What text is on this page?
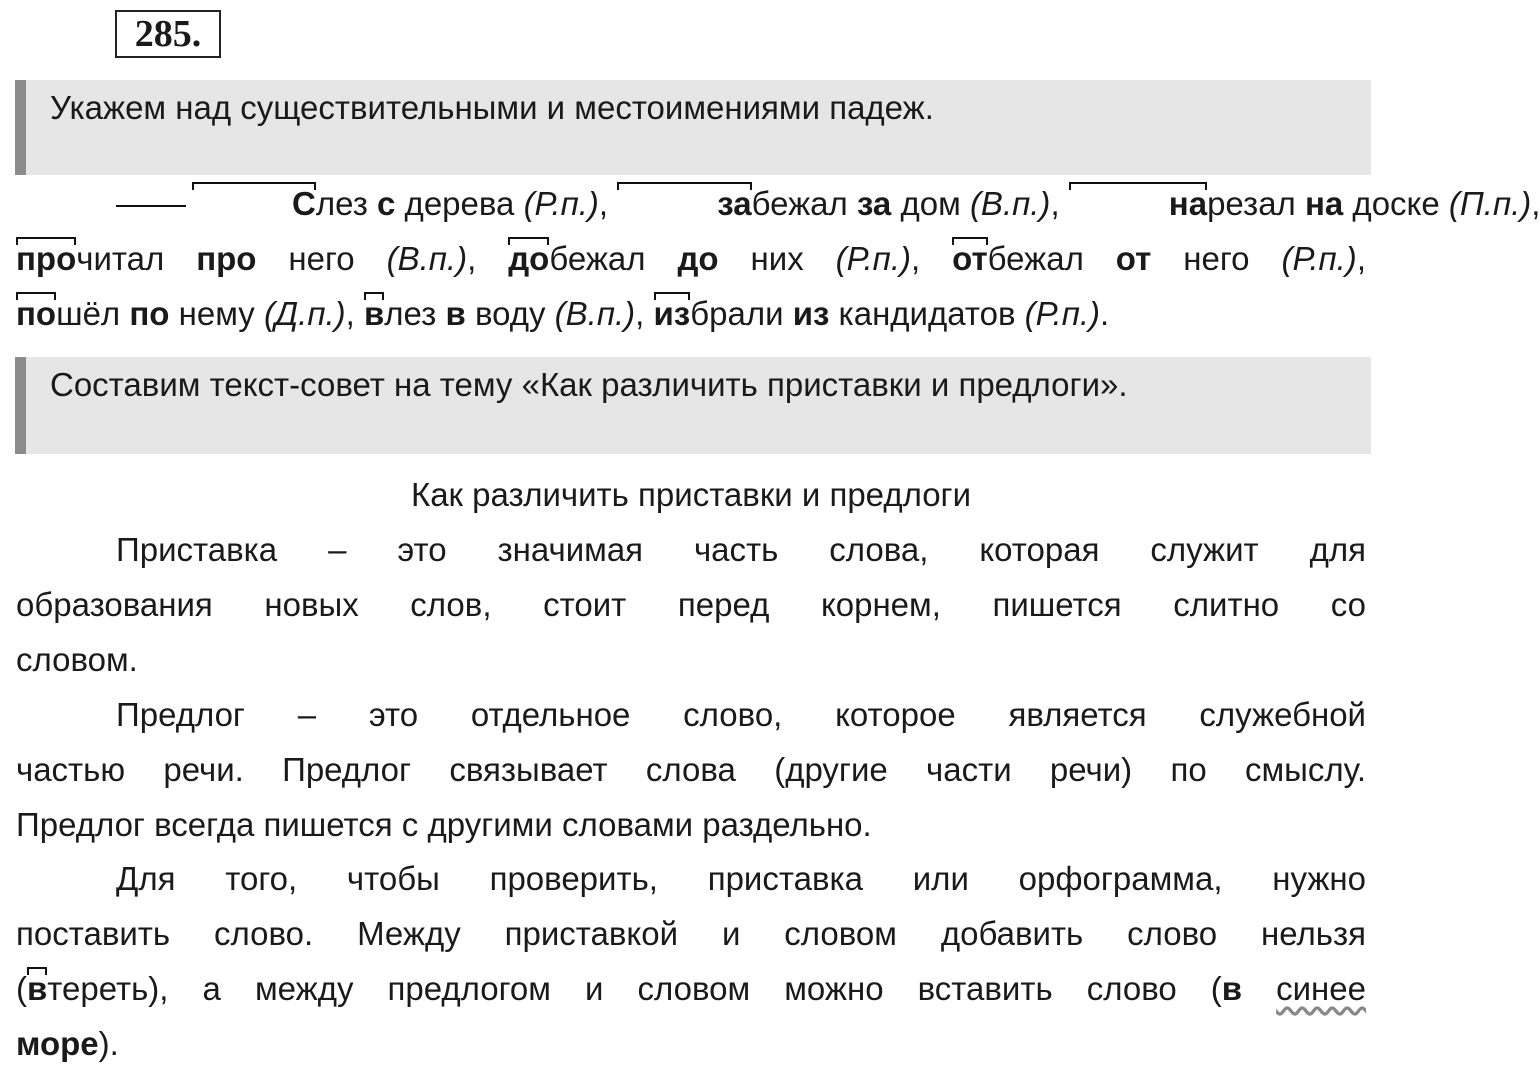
285.
Укажем над существительными и местоимениями падеж.
Слез с дерева (Р.п.),	забежал за дом (В.п.),	нарезал на доске (П.п.),
прочитал про него (В.п.), добежал до них (Р.п.), отбежал от него (Р.п.),
пошёл по нему (Д.п.), влез в воду (В.п.), избрали из кандидатов (Р.п.).
Составим текст-совет на тему «Как различить приставки и предлоги».
Как различить приставки и предлоги
Приставка – это значимая часть слова, которая служит для
образования новых слов, стоит перед корнем, пишется слитно со
словом.
Предлог – это отдельное слово, которое является служебной
частью речи. Предлог связывает слова (другие части речи) по смыслу.
Предлог всегда пишется с другими словами раздельно.
Для того, чтобы проверить, приставка или орфограмма, нужно
поставить слово. Между приставкой и словом добавить слово нельзя
(втереть), а между предлогом и словом можно вставить слово (в синее
море).
